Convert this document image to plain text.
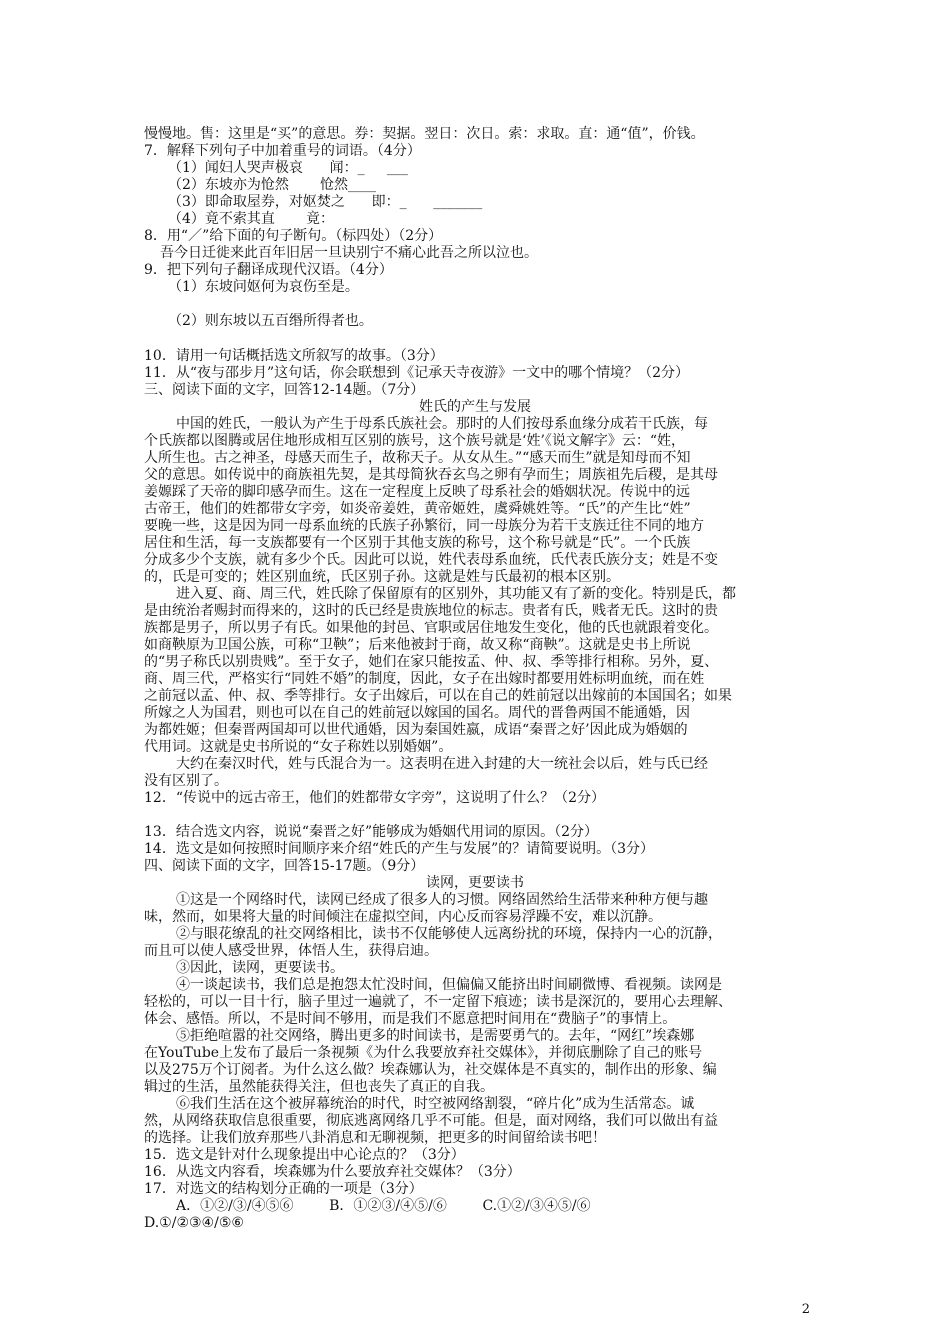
慢慢地。售：这里是“买”的意思。券：契据。翌日：次日。索：求取。直：通“值”，价钱。
7．解释下列句子中加着重号的词语。（4分）
（1）闻妇人哭声极哀      闻：_     ___
（2）东坡亦为怆然       怆然____
（3）即命取屋券，对妪焚之      即：_      _______
（4）竟不索其直       竟：
8．用“／”给下面的句子断句。（标四处）（2分）
吾今日迁徙来此百年旧居一旦诀别宁不痛心此吾之所以泣也。
9．把下列句子翻译成现代汉语。（4分）
（1）东坡问妪何为哀伤至是。
（2）则东坡以五百缗所得者也。
10．请用一句话概括选文所叙写的故事。（3分）
11．从“夜与邵步月”这句话，你会联想到《记承天寺夜游》一文中的哪个情境？（2分）
三、阅读下面的文字，回答12-14题。（7分）
姓氏的产生与发展
中国的姓氏，一般认为产生于母系氏族社会。那时的人们按母系血缘分成若干氏族，每
个氏族都以图腾或居住地形成相互区别的族号，这个族号就是‘姓’《说文解字》云：“姓，
人所生也。古之神圣，母感天而生子，故称天子。从女从生。”“感天而生”就是知母而不知
父的意思。如传说中的商族祖先契，是其母简狄吞玄鸟之卵有孕而生；周族祖先后稷，是其母
姜嫄踩了天帝的脚印感孕而生。这在一定程度上反映了母系社会的婚姻状况。传说中的远
古帝王，他们的姓都带女字旁，如炎帝姜姓，黄帝姬姓，虞舜姚姓等。“氏”的产生比“姓”
要晚一些，这是因为同一母系血统的氏族子孙繁衍，同一母族分为若干支族迁往不同的地方
居住和生活，每一支族都要有一个区别于其他支族的称号，这个称号就是“氏”。一个氏族
分成多少个支族，就有多少个氏。因此可以说，姓代表母系血统，氏代表氏族分支；姓是不变
的，氏是可变的；姓区别血统，氏区别子孙。这就是姓与氏最初的根本区别。
进入夏、商、周三代，姓氏除了保留原有的区别外，其功能又有了新的变化。特别是氏，都
是由统治者赐封而得来的，这时的氏已经是贵族地位的标志。贵者有氏，贱者无氏。这时的贵
族都是男子，所以男子有氏。如果他的封邑、官职或居住地发生变化，他的氏也就跟着变化。
如商鞅原为卫国公族，可称“卫鞅”；后来他被封于商，故又称“商鞅”。这就是史书上所说
的“男子称氏以别贵贱”。至于女子，她们在家只能按孟、仲、叔、季等排行相称。另外，夏、
商、周三代，严格实行“同姓不婚”的制度，因此，女子在出嫁时都要用姓标明血统，而在姓
之前冠以孟、仲、叔、季等排行。女子出嫁后，可以在自己的姓前冠以出嫁前的本国国名；如果
所嫁之人为国君，则也可以在自己的姓前冠以嫁国的国名。周代的晋鲁两国不能通婚，因
为都姓姬；但秦晋两国却可以世代通婚，因为秦国姓嬴，成语“秦晋之好’因此成为婚姻的
代用词。这就是史书所说的“女子称姓以别婚姻”。
大约在秦汉时代，姓与氏混合为一。这表明在进入封建的大一统社会以后，姓与氏已经
没有区别了。
12．“传说中的远古帝王，他们的姓都带女字旁”，这说明了什么？（2分）
13．结合选文内容，说说“秦晋之好”能够成为婚姻代用词的原因。（2分）
14．选文是如何按照时间顺序来介绍“姓氏的产生与发展”的？请简要说明。（3分）
四、阅读下面的文字，回答15-17题。（9分）
读网，更要读书
①这是一个网络时代，读网已经成了很多人的习惯。网络固然给生活带来种种方便与趣
味，然而，如果将大量的时间倾注在虚拟空间，内心反而容易浮躁不安，难以沉静。
②与眼花缭乱的社交网络相比，读书不仅能够使人远离纷扰的环境，保持内一心的沉静，
而且可以使人感受世界，体悟人生，获得启迪。
③因此，读网，更要读书。
④一谈起读书，我们总是抱怨太忙没时间，但偏偏又能挤出时间刷微博、看视频。读网是
轻松的，可以一目十行，脑子里过一遍就了，不一定留下痕迹；读书是深沉的，要用心去理解、
体会、感悟。所以，不是时间不够用，而是我们不愿意把时间用在“费脑子”的事情上。
⑤拒绝喧嚣的社交网络，腾出更多的时间读书，是需要勇气的。去年，“网红”埃森娜
在YouTube上发布了最后一条视频《为什么我要放弃社交媒体》，并彻底删除了自己的账号
以及275万个订阅者。为什么这么做？埃森娜认为，社交媒体是不真实的，制作出的形象、编
辑过的生活，虽然能获得关注，但也丧失了真正的自我。
⑥我们生活在这个被屏幕统治的时代，时空被网络割裂，“碎片化”成为生活常态。诚
然，从网络获取信息很重要，彻底逃离网络几乎不可能。但是，面对网络，我们可以做出有益
的选择。让我们放弃那些八卦消息和无聊视频，把更多的时间留给读书吧！
15．选文是针对什么现象提出中心论点的？（3分）
16．从选文内容看，埃森娜为什么要放弃社交媒体？（3分）
17．对选文的结构划分正确的一项是（3分）
A．①②/③/④⑤⑥        B．①②③/④⑤/⑥        C.①②/③④⑤/⑥
D.①/②③④/⑤⑥
2
